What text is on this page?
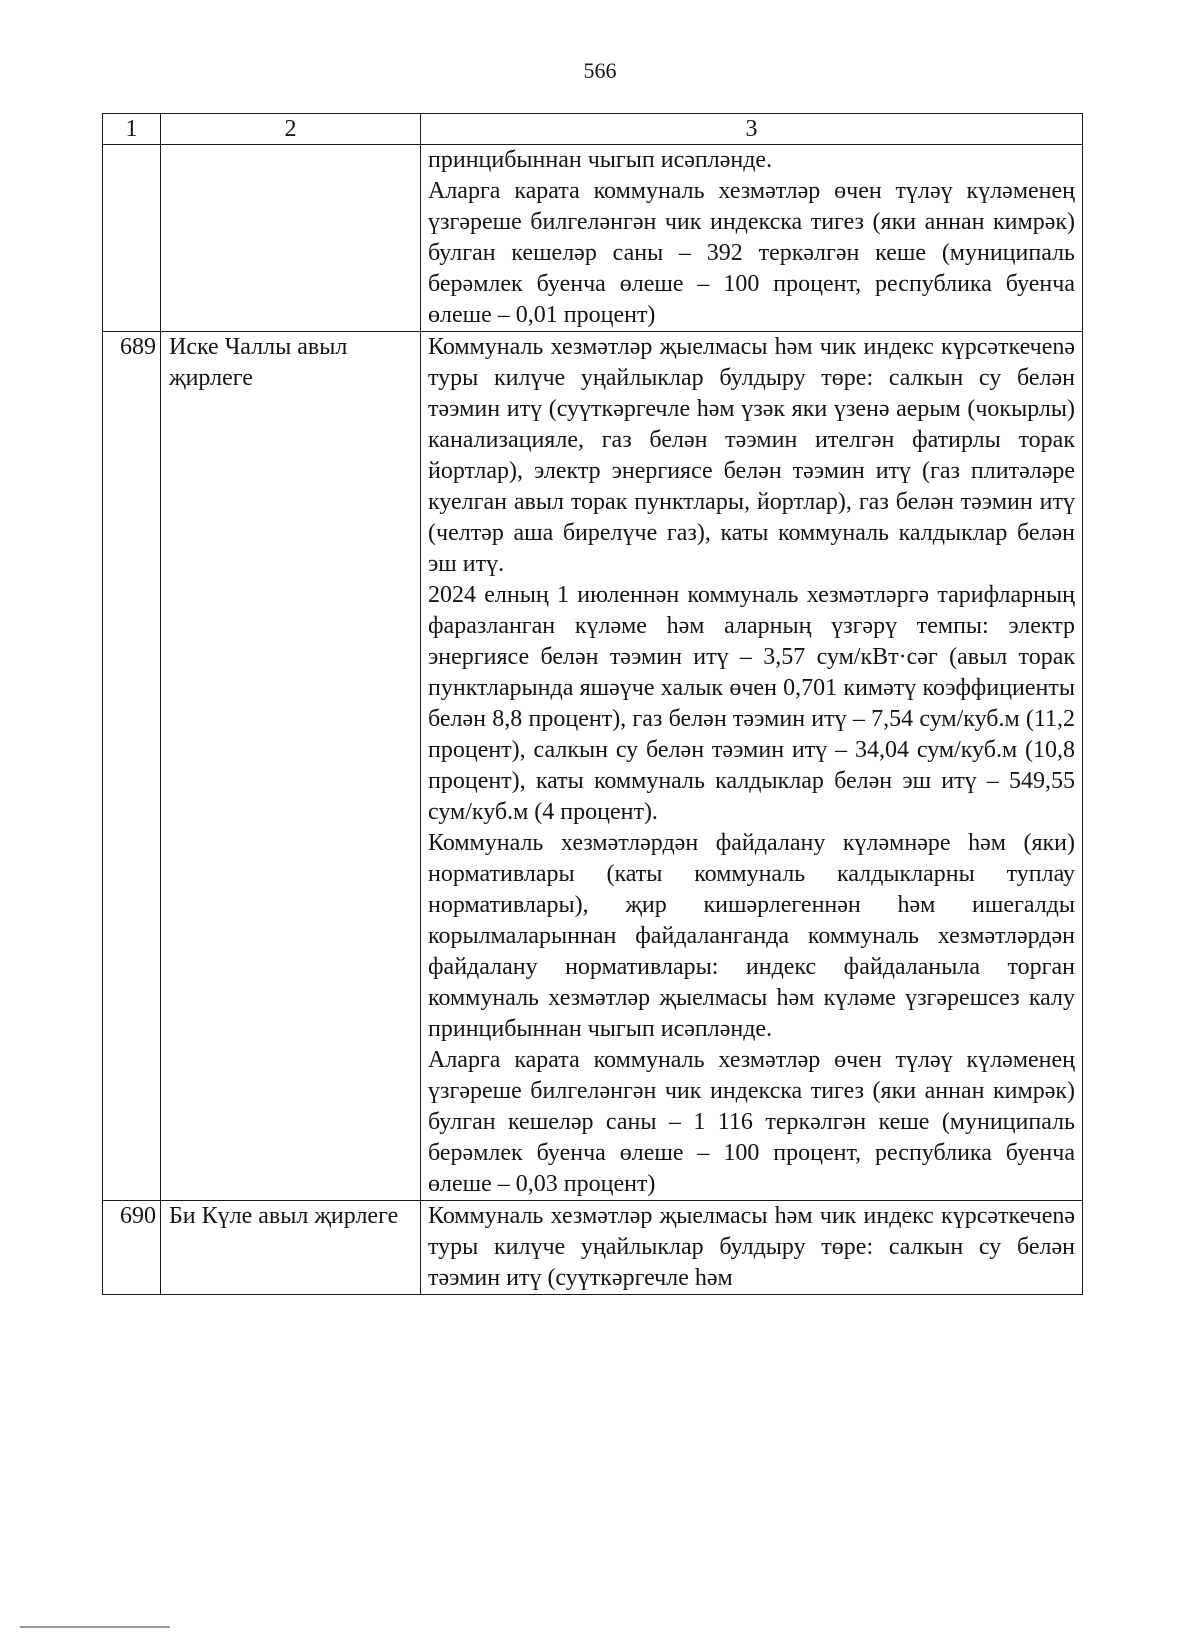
566
1	2	3

		принцибыннан чыгып исәпләнде.

Аларга карата коммуналь хезмәтләр өчен түләү күләменең үзгәреше билгеләнгән чик индекска тигез (яки аннан кимрәк) булган кешеләр саны – 392 теркәлгән кеше (муниципаль берәмлек буенча өлеше – 100 процент, республика буенча өлеше – 0,01 процент)

689	Иске Чаллы авыл җирлеге	Коммуналь хезмәтләр җыелмасы һәм чик индекс күрсәткечenә туры килүче уңайлыклар булдыру төре: салкын су белән тәэмин итү (суүткәргечле һәм үзәк яки үзенә аерым (чокырлы) канализацияле, газ белән тәэмин ителгән фатирлы торак йортлар), электр энергиясе белән тәэмин итү (газ плитәләре куелган авыл торак пунктлары, йортлар), газ белән тәэмин итү (челтәр аша бирелүче газ), каты коммуналь калдыклар белән эш итү.

2024 елның 1 июленнән коммуналь хезмәтләргә тарифларның фаразланган күләме һәм аларның үзгәрү темпы: электр энергиясе белән тәэмин итү – 3,57 сум/кВт·сәг (авыл торак пунктларында яшәүче халык өчен 0,701 кимәтү коэффициенты белән 8,8 процент), газ белән тәэмин итү – 7,54 сум/куб.м (11,2 процент), салкын су белән тәэмин итү – 34,04 сум/куб.м (10,8 процент), каты коммуналь калдыклар белән эш итү – 549,55 сум/куб.м (4 процент).

Коммуналь хезмәтләрдән файдалану күләмнәре һәм (яки) нормативлары (каты коммуналь калдыкларны туплау нормативлары), җир кишәрлегеннән һәм ишегалды корылмаларыннан файдаланганда коммуналь хезмәтләрдән файдалану нормативлары: индекс файдаланыла торган коммуналь хезмәтләр җыелмасы һәм күләме үзгәрешсез калу принцибыннан чыгып исәпләнде.

Аларга карата коммуналь хезмәтләр өчен түләү күләменең үзгәреше билгеләнгән чик индекска тигез (яки аннан кимрәк) булган кешеләр саны – 1 116 теркәлгән кеше (муниципаль берәмлек буенча өлеше – 100 процент, республика буенча өлеше – 0,03 процент)

690	Би Күле авыл җирлеге	Коммуналь хезмәтләр җыелмасы һәм чик индекс күрсәткечenә туры килүче уңайлыклар булдыру төре: салкын су белән тәэмин итү (суүткәргечле һәм
